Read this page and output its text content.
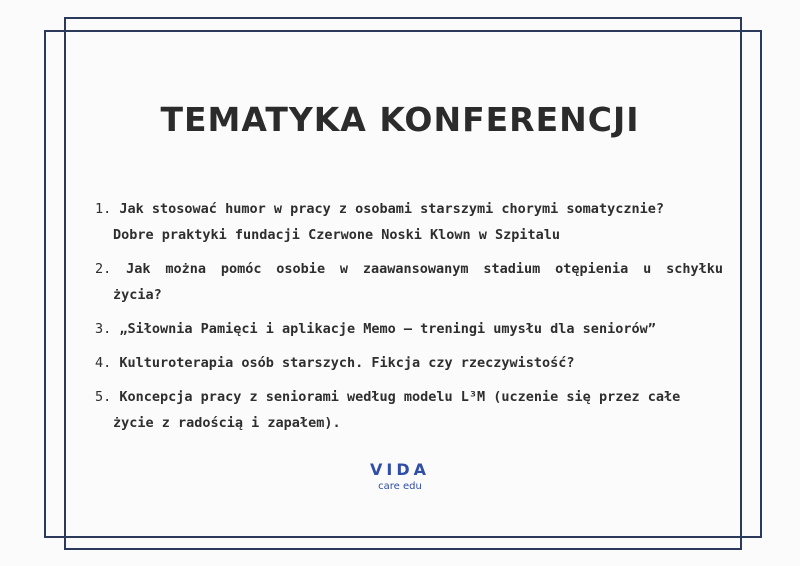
TEMATYKA KONFERENCJI
1. Jak stosować humor w pracy z osobami starszymi chorymi somatycznie?
Dobre praktyki fundacji Czerwone Noski Klown w Szpitalu
2. Jak można pomóc osobie w zaawansowanym stadium otępienia u schyłku
życia?
3. „Siłownia Pamięci i aplikacje Memo – treningi umysłu dla seniorów”
4. Kulturoterapia osób starszych. Fikcja czy rzeczywistość?
5. Koncepcja pracy z seniorami według modelu L³M (uczenie się przez całe
życie z radością i zapałem).
VIDA
care edu
